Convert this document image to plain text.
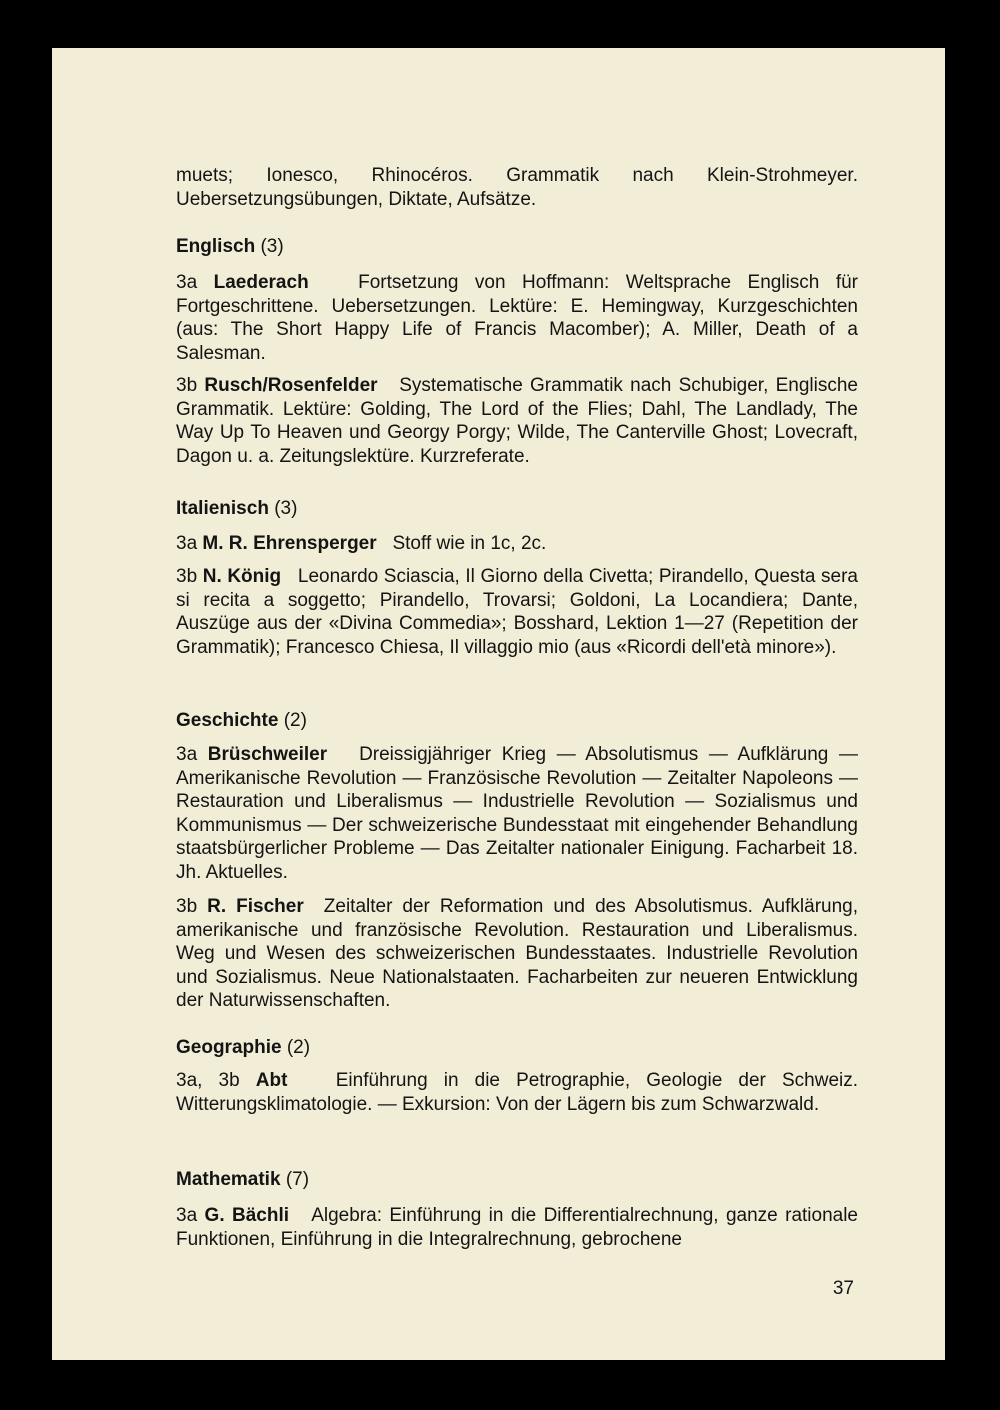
muets; Ionesco, Rhinocéros. Grammatik nach Klein-Strohmeyer. Uebersetzungsübungen, Diktate, Aufsätze.

Englisch (3)

3a Laederach	Fortsetzung von Hoffmann: Weltsprache Englisch für Fortgeschrittene. Uebersetzungen. Lektüre: E. Hemingway, Kurzgeschichten (aus: The Short Happy Life of Francis Macomber); A. Miller, Death of a Salesman.

3b Rusch/Rosenfelder Systematische Grammatik nach Schubiger, Englische Grammatik. Lektüre: Golding, The Lord of the Flies; Dahl, The Landlady, The Way Up To Heaven und Georgy Porgy; Wilde, The Canterville Ghost; Lovecraft, Dagon u. a. Zeitungslektüre. Kurzreferate.

Italienisch (3)

3a M. R. Ehrensperger Stoff wie in 1c, 2c.

3b N. König Leonardo Sciascia, Il Giorno della Civetta; Pirandello, Questa sera si recita a soggetto; Pirandello, Trovarsi; Goldoni, La Locandiera; Dante, Auszüge aus der «Divina Commedia»; Bosshard, Lektion 1—27 (Repetition der Grammatik); Francesco Chiesa, Il villaggio mio (aus «Ricordi dell'età minore»).

Geschichte (2)

3a Brüschweiler Dreissigjähriger Krieg — Absolutismus — Aufklärung — Amerikanische Revolution — Französische Revolution — Zeitalter Napoleons — Restauration und Liberalismus — Industrielle Revolution — Sozialismus und Kommunismus — Der schweizerische Bundesstaat mit eingehender Behandlung staatsbürgerlicher Probleme — Das Zeitalter nationaler Einigung. Facharbeit 18. Jh. Aktuelles.

3b R. Fischer Zeitalter der Reformation und des Absolutismus. Aufklärung, amerikanische und französische Revolution. Restauration und Liberalismus. Weg und Wesen des schweizerischen Bundesstaates. Industrielle Revolution und Sozialismus. Neue Nationalstaaten. Facharbeiten zur neueren Entwicklung der Naturwissenschaften.

Geographie (2)

3a, 3b Abt	Einführung in die Petrographie, Geologie der Schweiz. Witterungsklimatologie. — Exkursion: Von der Lägern bis zum Schwarzwald.

Mathematik (7)

3a G. Bächli Algebra: Einführung in die Differentialrechnung, ganze rationale Funktionen, Einführung in die Integralrechnung, gebrochene

37
